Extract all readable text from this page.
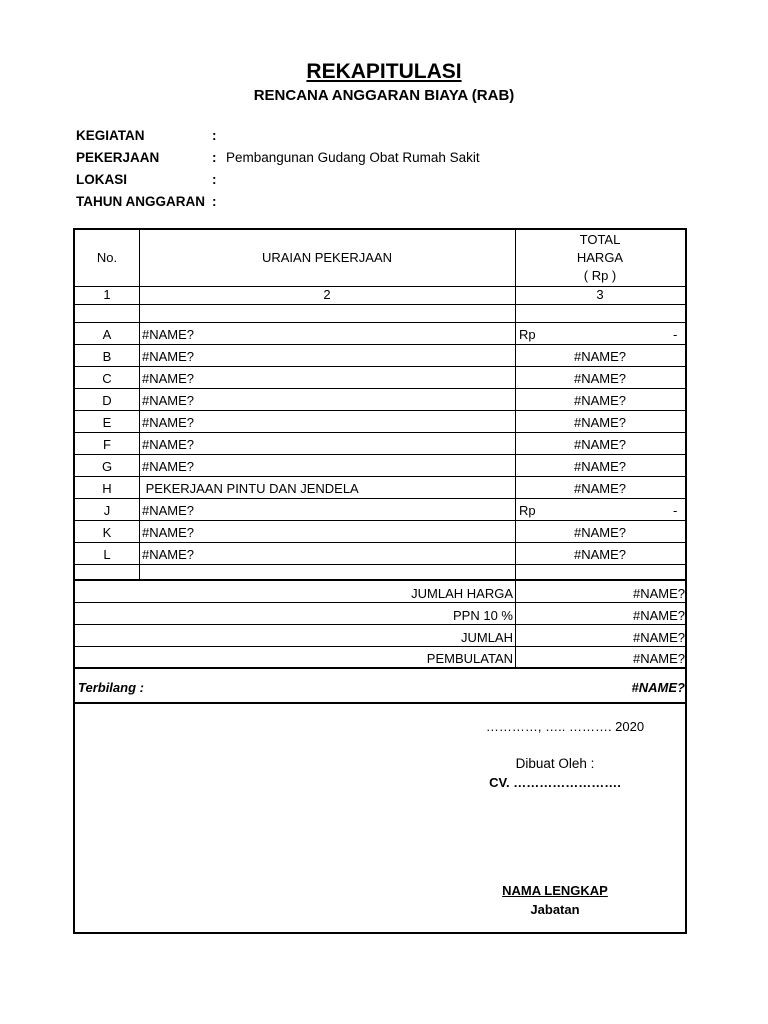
REKAPITULASI
RENCANA ANGGARAN BIAYA (RAB)
KEGIATAN	:
PEKERJAAN	: Pembangunan Gudang Obat Rumah Sakit
LOKASI	:
TAHUN ANGGARAN :
No.	URAIAN PEKERJAAN
TOTAL
HARGA
( Rp )
1	2	3
A	#NAME?	Rp	-
B	#NAME?	#NAME?
C	#NAME?	#NAME?
D	#NAME?	#NAME?
E	#NAME?	#NAME?
F	#NAME?	#NAME?
G	#NAME?	#NAME?
H	PEKERJAAN PINTU DAN JENDELA	#NAME?
J	#NAME?	Rp	-
K	#NAME?	#NAME?
L	#NAME?	#NAME?
JUMLAH HARGA	#NAME?
PPN 10 %	#NAME?
JUMLAH	#NAME?
PEMBULATAN	#NAME?
Terbilang :	#NAME?
…………, ….. ………. 2020
Dibuat Oleh :
CV. …………………….
NAMA LENGKAP
Jabatan
